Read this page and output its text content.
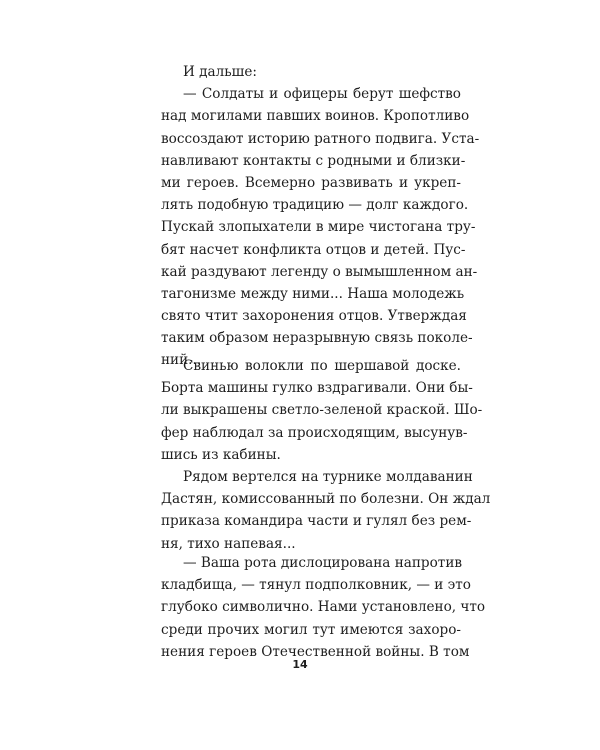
И дальше:
— Солдаты и офицеры берут шефство
над могилами павших воинов. Кропотливо
воссоздают историю ратного подвига. Уста-
навливают контакты с родными и близки-
ми героев. Всемерно развивать и укреп-
лять подобную традицию — долг каждого.
Пускай злопыхатели в мире чистогана тру-
бят насчет конфликта отцов и детей. Пус-
кай раздувают легенду о вымышленном ан-
тагонизме между ними... Наша молодежь
свято чтит захоронения отцов. Утверждая
таким образом неразрывную связь поколе-
ний...
Свинью волокли по шершавой доске.
Борта машины гулко вздрагивали. Они бы-
ли выкрашены светло-зеленой краской. Шо-
фер наблюдал за происходящим, высунув-
шись из кабины.
Рядом вертелся на турнике молдаванин
Дастян, комиссованный по болезни. Он ждал
приказа командира части и гулял без рем-
ня, тихо напевая...
— Ваша рота дислоцирована напротив
кладбища, — тянул подполковник, — и это
глубоко символично. Нами установлено, что
среди прочих могил тут имеются захоро-
нения героев Отечественной войны. В том
14
